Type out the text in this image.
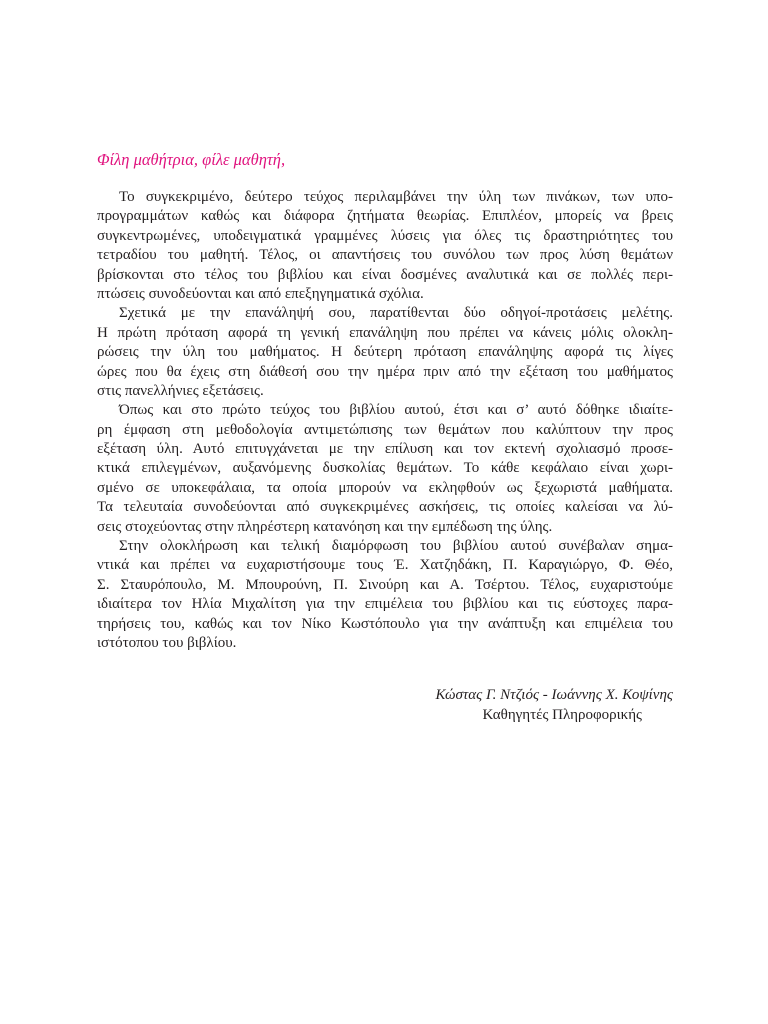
Φίλη μαθήτρια, φίλε μαθητή,
Το συγκεκριμένο, δεύτερο τεύχος περιλαμβάνει την ύλη των πινάκων, των υπο-
προγραμμάτων καθώς και διάφορα ζητήματα θεωρίας. Επιπλέον, μπορείς να βρεις
συγκεντρωμένες, υποδειγματικά γραμμένες λύσεις για όλες τις δραστηριότητες του
τετραδίου του μαθητή. Τέλος, οι απαντήσεις του συνόλου των προς λύση θεμάτων
βρίσκονται στο τέλος του βιβλίου και είναι δοσμένες αναλυτικά και σε πολλές περι-
πτώσεις συνοδεύονται και από επεξηγηματικά σχόλια.
Σχετικά με την επανάληψή σου, παρατίθενται δύο οδηγοί-προτάσεις μελέτης.
Η πρώτη πρόταση αφορά τη γενική επανάληψη που πρέπει να κάνεις μόλις ολοκλη-
ρώσεις την ύλη του μαθήματος. Η δεύτερη πρόταση επανάληψης αφορά τις λίγες
ώρες που θα έχεις στη διάθεσή σου την ημέρα πριν από την εξέταση του μαθήματος
στις πανελλήνιες εξετάσεις.
Όπως και στο πρώτο τεύχος του βιβλίου αυτού, έτσι και σ’ αυτό δόθηκε ιδιαίτε-
ρη έμφαση στη μεθοδολογία αντιμετώπισης των θεμάτων που καλύπτουν την προς
εξέταση ύλη. Αυτό επιτυγχάνεται με την επίλυση και τον εκτενή σχολιασμό προσε-
κτικά επιλεγμένων, αυξανόμενης δυσκολίας θεμάτων. Το κάθε κεφάλαιο είναι χωρι-
σμένο σε υποκεφάλαια, τα οποία μπορούν να εκληφθούν ως ξεχωριστά μαθήματα.
Τα τελευταία συνοδεύονται από συγκεκριμένες ασκήσεις, τις οποίες καλείσαι να λύ-
σεις στοχεύοντας στην πληρέστερη κατανόηση και την εμπέδωση της ύλης.
Στην ολοκλήρωση και τελική διαμόρφωση του βιβλίου αυτού συνέβαλαν σημα-
ντικά και πρέπει να ευχαριστήσουμε τους Έ. Χατζηδάκη, Π. Καραγιώργο, Φ. Θέο,
Σ. Σταυρόπουλο, Μ. Μπουρούνη, Π. Σινούρη και Α. Τσέρτου. Τέλος, ευχαριστούμε
ιδιαίτερα τον Ηλία Μιχαλίτση για την επιμέλεια του βιβλίου και τις εύστοχες παρα-
τηρήσεις του, καθώς και τον Νίκο Κωστόπουλο για την ανάπτυξη και επιμέλεια του
ιστότοπου του βιβλίου.
Κώστας Γ. Ντζιός - Ιωάννης Χ. Κοψίνης
Καθηγητές Πληροφορικής
